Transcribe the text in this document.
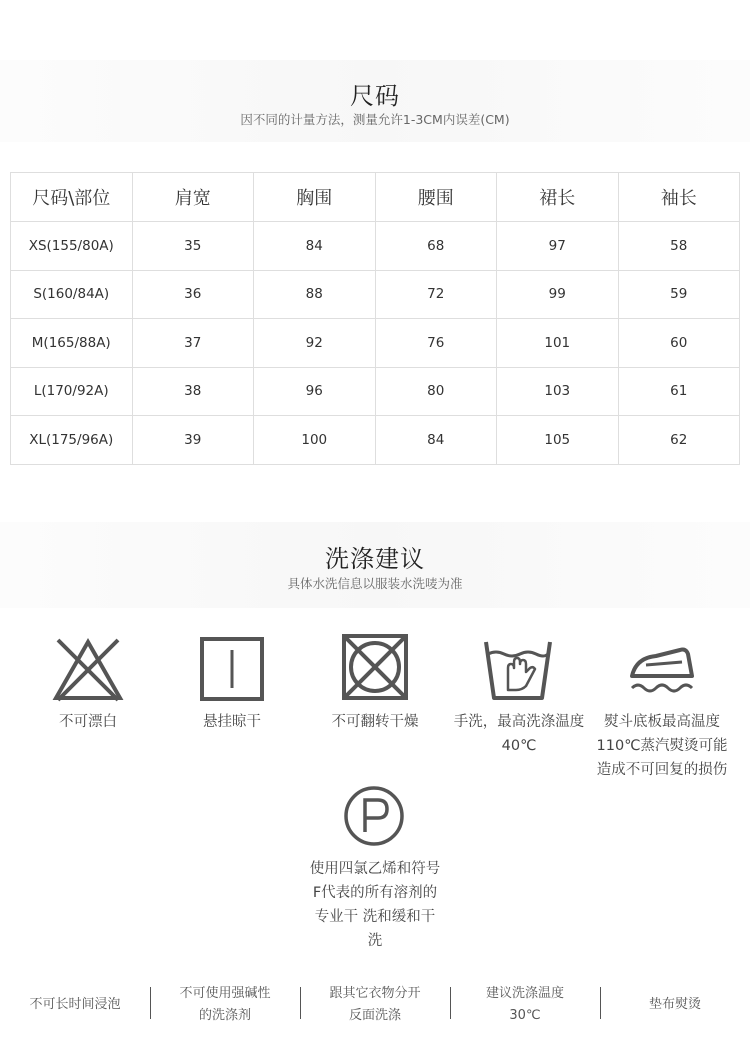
尺码
因不同的计量方法，测量允许1-3CM内误差(CM)
尺码\部位	肩宽	胸围	腰围	裙长	袖长
XS(155/80A)	35	84	68	97	58
S(160/84A)	36	88	72	99	59
M(165/88A)	37	92	76	101	60
L(170/92A)	38	96	80	103	61
XL(175/96A)	39	100	84	105	62
洗涤建议
具体水洗信息以服装水洗唛为准
不可漂白	悬挂晾干	不可翻转干燥	手洗，最高洗涤温度
40℃
熨斗底板最高温度
110℃蒸汽熨烫可能
造成不可回复的损伤
使用四氯乙烯和符号
F代表的所有溶剂的
专业干 洗和缓和干
洗
不可长时间浸泡
不可使用强碱性
的洗涤剂
跟其它衣物分开
反面洗涤
建议洗涤温度
30℃
垫布熨烫
